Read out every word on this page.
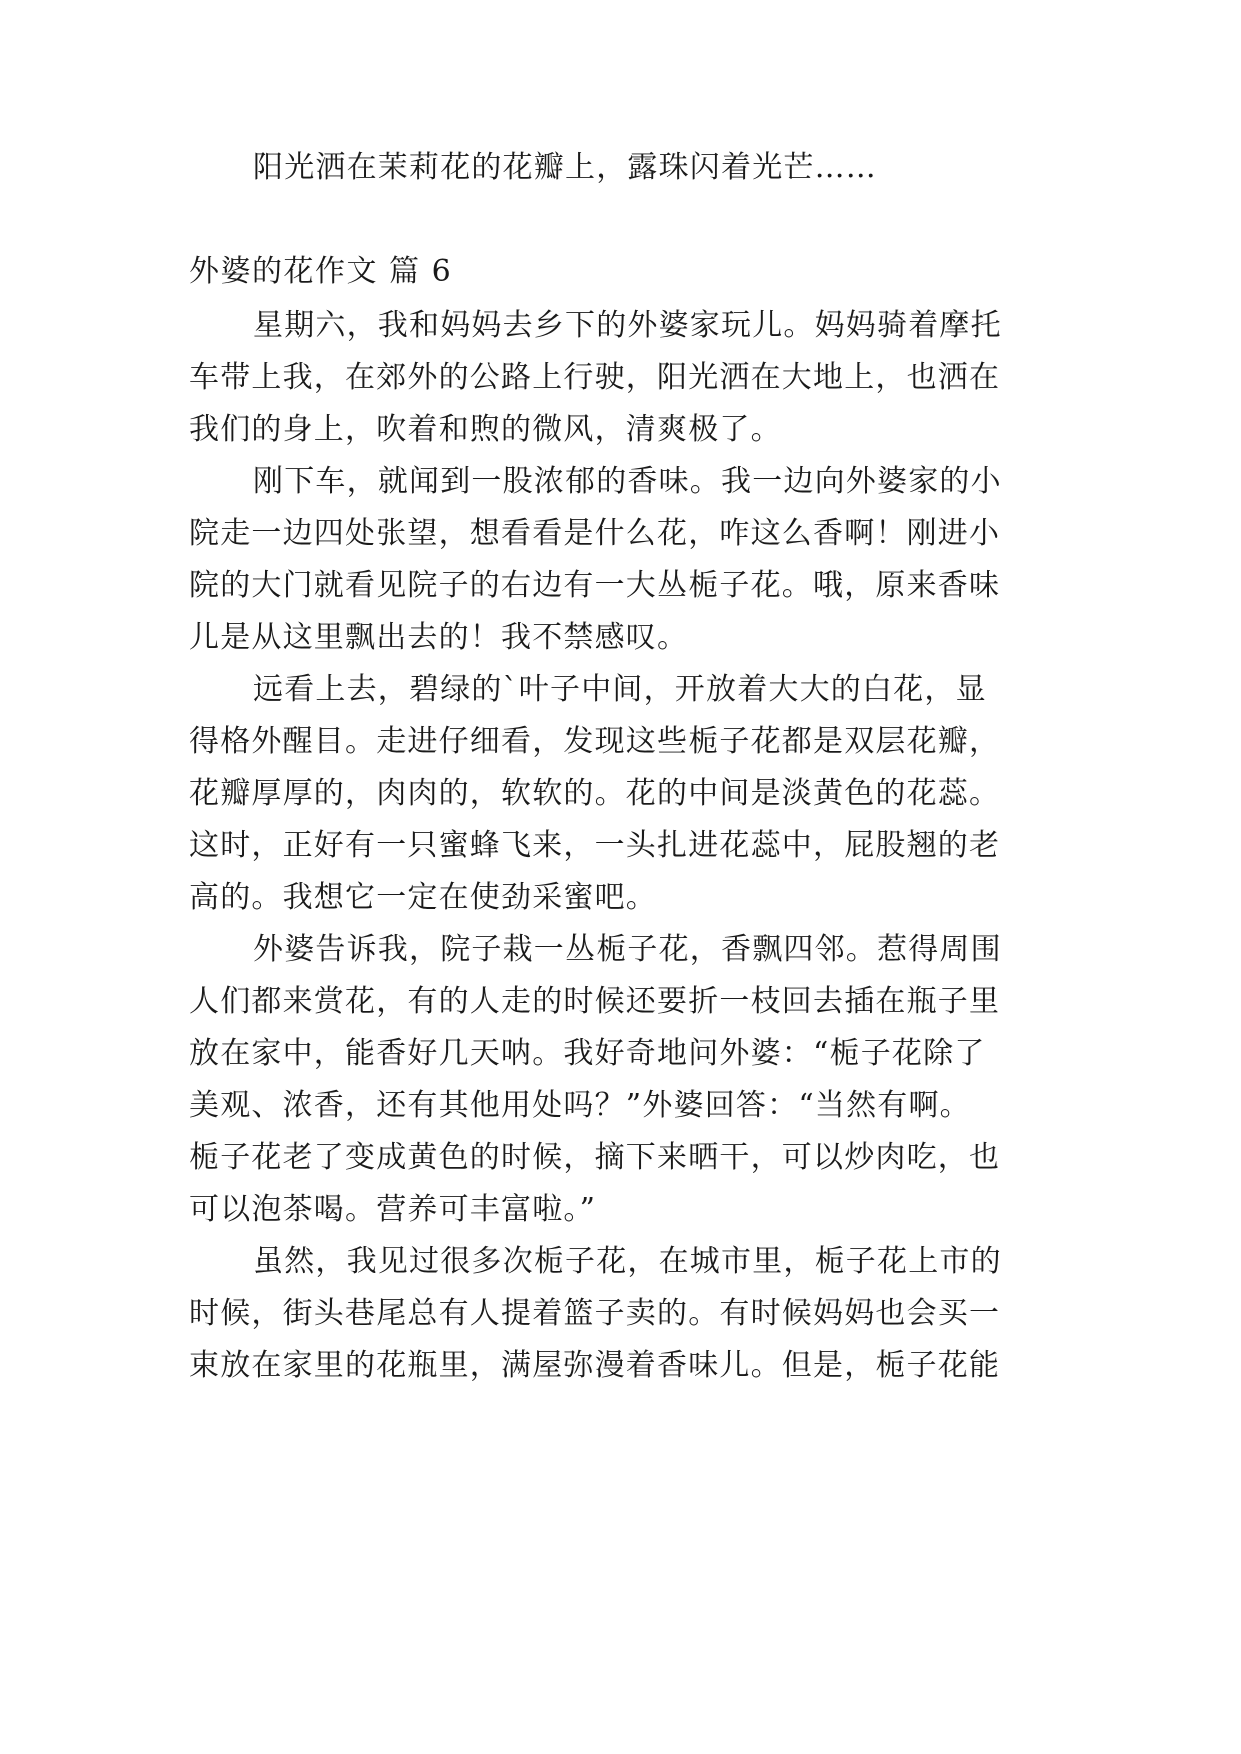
阳光洒在茉莉花的花瓣上，露珠闪着光芒……
外婆的花作文 篇 6
星期六，我和妈妈去乡下的外婆家玩儿。妈妈骑着摩托
车带上我，在郊外的公路上行驶，阳光洒在大地上，也洒在
我们的身上，吹着和煦的微风，清爽极了。
刚下车，就闻到一股浓郁的香味。我一边向外婆家的小
院走一边四处张望，想看看是什么花，咋这么香啊！刚进小
院的大门就看见院子的右边有一大丛栀子花。哦，原来香味
儿是从这里飘出去的！我不禁感叹。
远看上去，碧绿的`叶子中间，开放着大大的白花，显
得格外醒目。走进仔细看，发现这些栀子花都是双层花瓣，
花瓣厚厚的，肉肉的，软软的。花的中间是淡黄色的花蕊。
这时，正好有一只蜜蜂飞来，一头扎进花蕊中，屁股翘的老
高的。我想它一定在使劲采蜜吧。
外婆告诉我，院子栽一丛栀子花，香飘四邻。惹得周围
人们都来赏花，有的人走的时候还要折一枝回去插在瓶子里
放在家中，能香好几天呐。我好奇地问外婆：“栀子花除了
美观、浓香，还有其他用处吗？”外婆回答：“当然有啊。
栀子花老了变成黄色的时候，摘下来晒干，可以炒肉吃，也
可以泡茶喝。营养可丰富啦。”
虽然，我见过很多次栀子花，在城市里，栀子花上市的
时候，街头巷尾总有人提着篮子卖的。有时候妈妈也会买一
束放在家里的花瓶里，满屋弥漫着香味儿。但是，栀子花能
